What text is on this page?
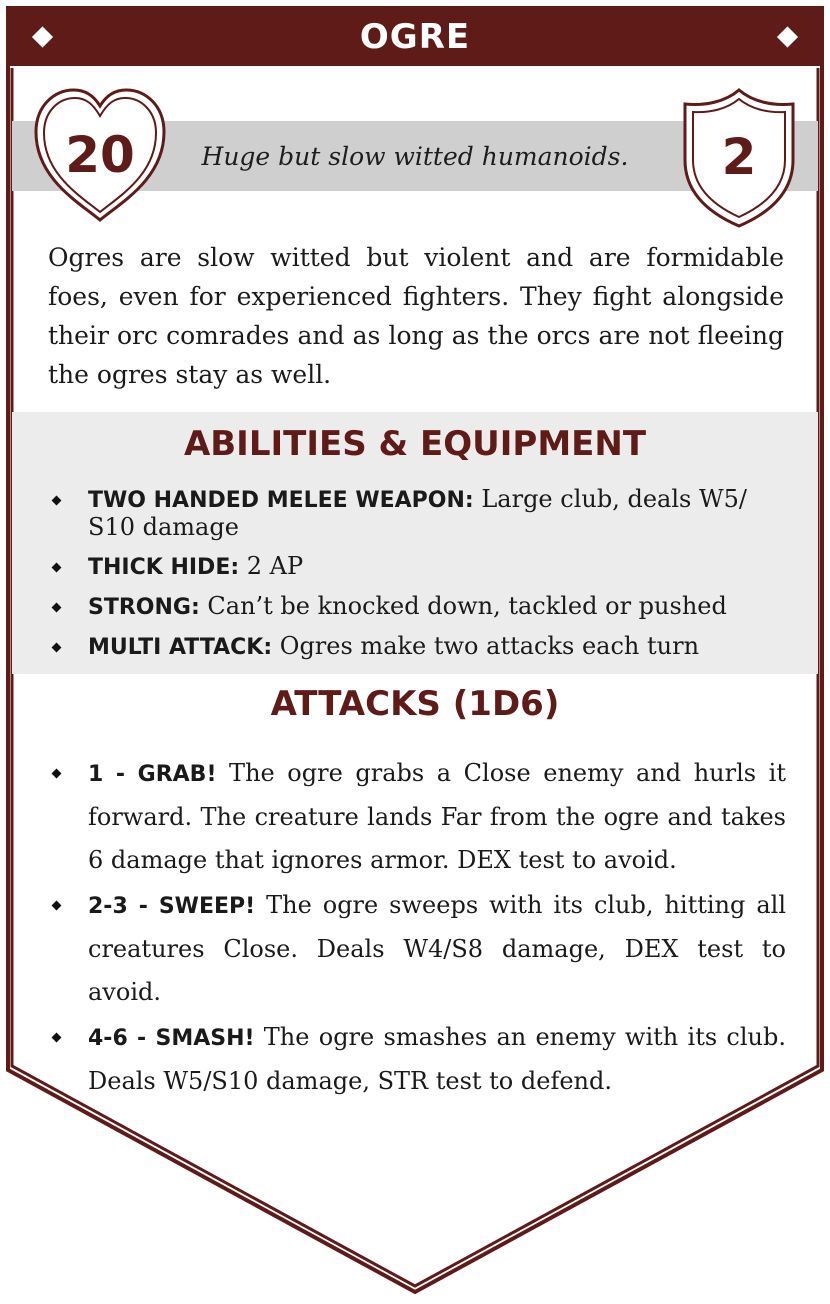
OGRE
Huge but slow witted humanoids.
20	2

Ogres are slow witted but violent and are formidable foes, even for experienced fighters. They fight alongside their orc comrades and as long as the orcs are not fleeing the ogres stay as well.

ABILITIES & EQUIPMENT
TWO HANDED MELEE WEAPON: Large club, deals W5/ S10 damage
THICK HIDE: 2 AP
STRONG: Can’t be knocked down, tackled or pushed
MULTI ATTACK: Ogres make two attacks each turn
ATTACKS (1D6)
1 - GRAB! The ogre grabs a Close enemy and hurls it forward. The creature lands Far from the ogre and takes 6 damage that ignores armor. DEX test to avoid.
2-3 - SWEEP! The ogre sweeps with its club, hitting all creatures Close. Deals W4/S8 damage, DEX test to avoid.
4-6 - SMASH! The ogre smashes an enemy with its club. Deals W5/S10 damage, STR test to defend.
